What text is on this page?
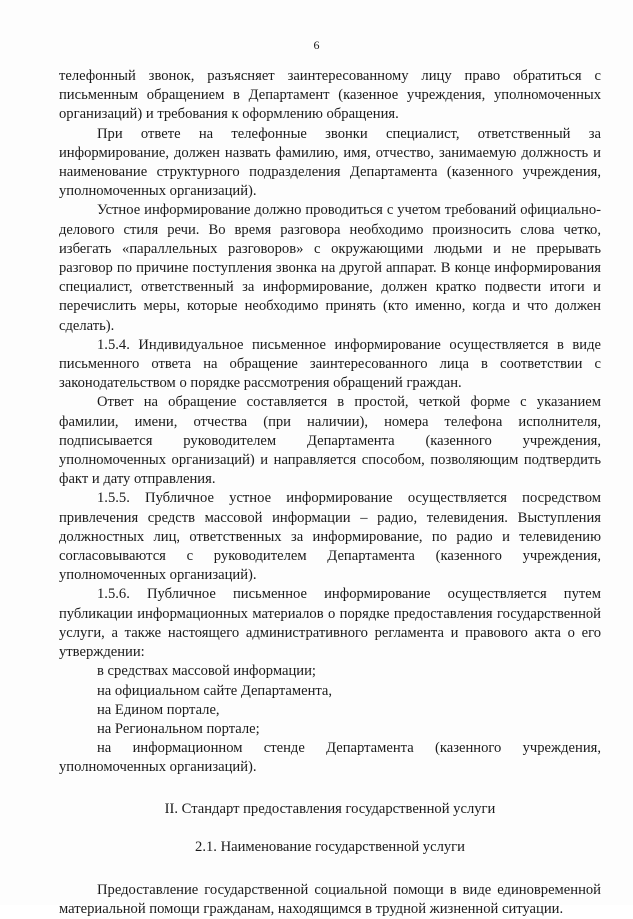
6

телефонный звонок, разъясняет заинтересованному лицу право обратиться с письменным обращением в Департамент (казенное учреждения, уполномоченных организаций) и требования к оформлению обращения.

При ответе на телефонные звонки специалист, ответственный за информирование, должен назвать фамилию, имя, отчество, занимаемую должность и наименование структурного подразделения Департамента (казенного учреждения, уполномоченных организаций).

Устное информирование должно проводиться с учетом требований официально-делового стиля речи. Во время разговора необходимо произносить слова четко, избегать «параллельных разговоров» с окружающими людьми и не прерывать разговор по причине поступления звонка на другой аппарат. В конце информирования специалист, ответственный за информирование, должен кратко подвести итоги и перечислить меры, которые необходимо принять (кто именно, когда и что должен сделать).

1.5.4. Индивидуальное письменное информирование осуществляется в виде письменного ответа на обращение заинтересованного лица в соответствии с законодательством о порядке рассмотрения обращений граждан.

Ответ на обращение составляется в простой, четкой форме с указанием фамилии, имени, отчества (при наличии), номера телефона исполнителя, подписывается руководителем Департамента (казенного учреждения, уполномоченных организаций) и направляется способом, позволяющим подтвердить факт и дату отправления.

1.5.5. Публичное устное информирование осуществляется посредством привлечения средств массовой информации – радио, телевидения. Выступления должностных лиц, ответственных за информирование, по радио и телевидению согласовываются с руководителем Департамента (казенного учреждения, уполномоченных организаций).

1.5.6. Публичное письменное информирование осуществляется путем публикации информационных материалов о порядке предоставления государственной услуги, а также настоящего административного регламента и правового акта о его утверждении:

в средствах массовой информации;

на официальном сайте Департамента,

на Едином портале,

на Региональном портале;

на информационном стенде Департамента (казенного учреждения, уполномоченных организаций).

II. Стандарт предоставления государственной услуги

2.1. Наименование государственной услуги

Предоставление государственной социальной помощи в виде единовременной материальной помощи гражданам, находящимся в трудной жизненной ситуации.
